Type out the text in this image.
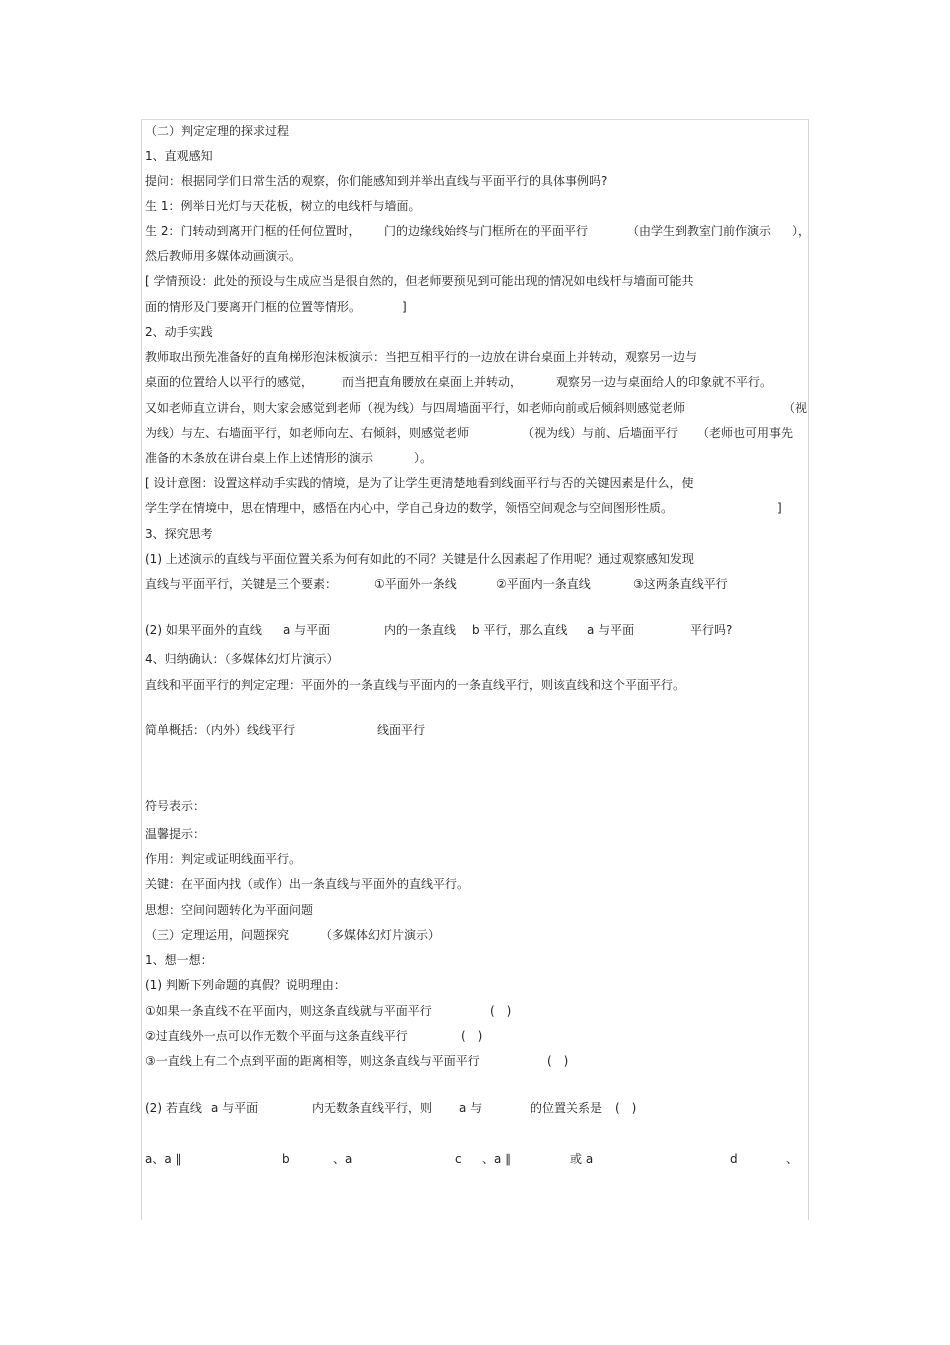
（二）判定定理的探求过程
1、直观感知
提问：根据同学们日常生活的观察，你们能感知到并举出直线与平面平行的具体事例吗?
生 1：例举日光灯与天花板，树立的电线杆与墙面。
生 2：门转动到离开门框的任何位置时， 门的边缘线始终与门框所在的平面平行	（由学生到教室门前作演示 ），
然后教师用多媒体动画演示。
[ 学情预设：此处的预设与生成应当是很自然的，但老师要预见到可能出现的情况如电线杆与墙面可能共
面的情形及门要离开门框的位置等情形。	]
2、动手实践
教师取出预先准备好的直角梯形泡沫板演示：当把互相平行的一边放在讲台桌面上并转动，观察另一边与
桌面的位置给人以平行的感觉， 而当把直角腰放在桌面上并转动，	观察另一边与桌面给人的印象就不平行。
又如老师直立讲台，则大家会感觉到老师（视为线）与四周墙面平行，如老师向前或后倾斜则感觉老师	（视
为线）与左、右墙面平行，如老师向左、右倾斜，则感觉老师	（视为线）与前、后墙面平行 （老师也可用事先
准备的木条放在讲台桌上作上述情形的演示	）。
[ 设计意图：设置这样动手实践的情境，是为了让学生更清楚地看到线面平行与否的关键因素是什么，使
学生学在情境中，思在情理中，感悟在内心中，学自己身边的数学，领悟空间观念与空间图形性质。	]
3、探究思考
(1) 上述演示的直线与平面位置关系为何有如此的不同？关键是什么因素起了作用呢？通过观察感知发现
直线与平面平行，关键是三个要素：	①平面外一条线	②平面内一条直线	③这两条直线平行
(2) 如果平面外的直线 a 与平面	内的一条直线 b 平行，那么直线 a 与平面	平行吗?
4、归纳确认：（多媒体幻灯片演示）
直线和平面平行的判定定理：平面外的一条直线与平面内的一条直线平行，则该直线和这个平面平行。
简单概括：（内外）线线平行	线面平行
符号表示：
温馨提示：
作用：判定或证明线面平行。
关键：在平面内找（或作）出一条直线与平面外的直线平行。
思想：空间问题转化为平面问题
（三）定理运用，问题探究	（多媒体幻灯片演示）
1、想一想：
(1) 判断下列命题的真假？说明理由：
①如果一条直线不在平面内，则这条直线就与平面平行	(　)
②过直线外一点可以作无数个平面与这条直线平行	(　)
③一直线上有二个点到平面的距离相等，则这条直线与平面平行	(　)
(2) 若直线 a 与平面	内无数条直线平行，则 a 与	的位置关系是 (　)
a、a ∥	b	、a	c 、a ∥	或 a	d	、
